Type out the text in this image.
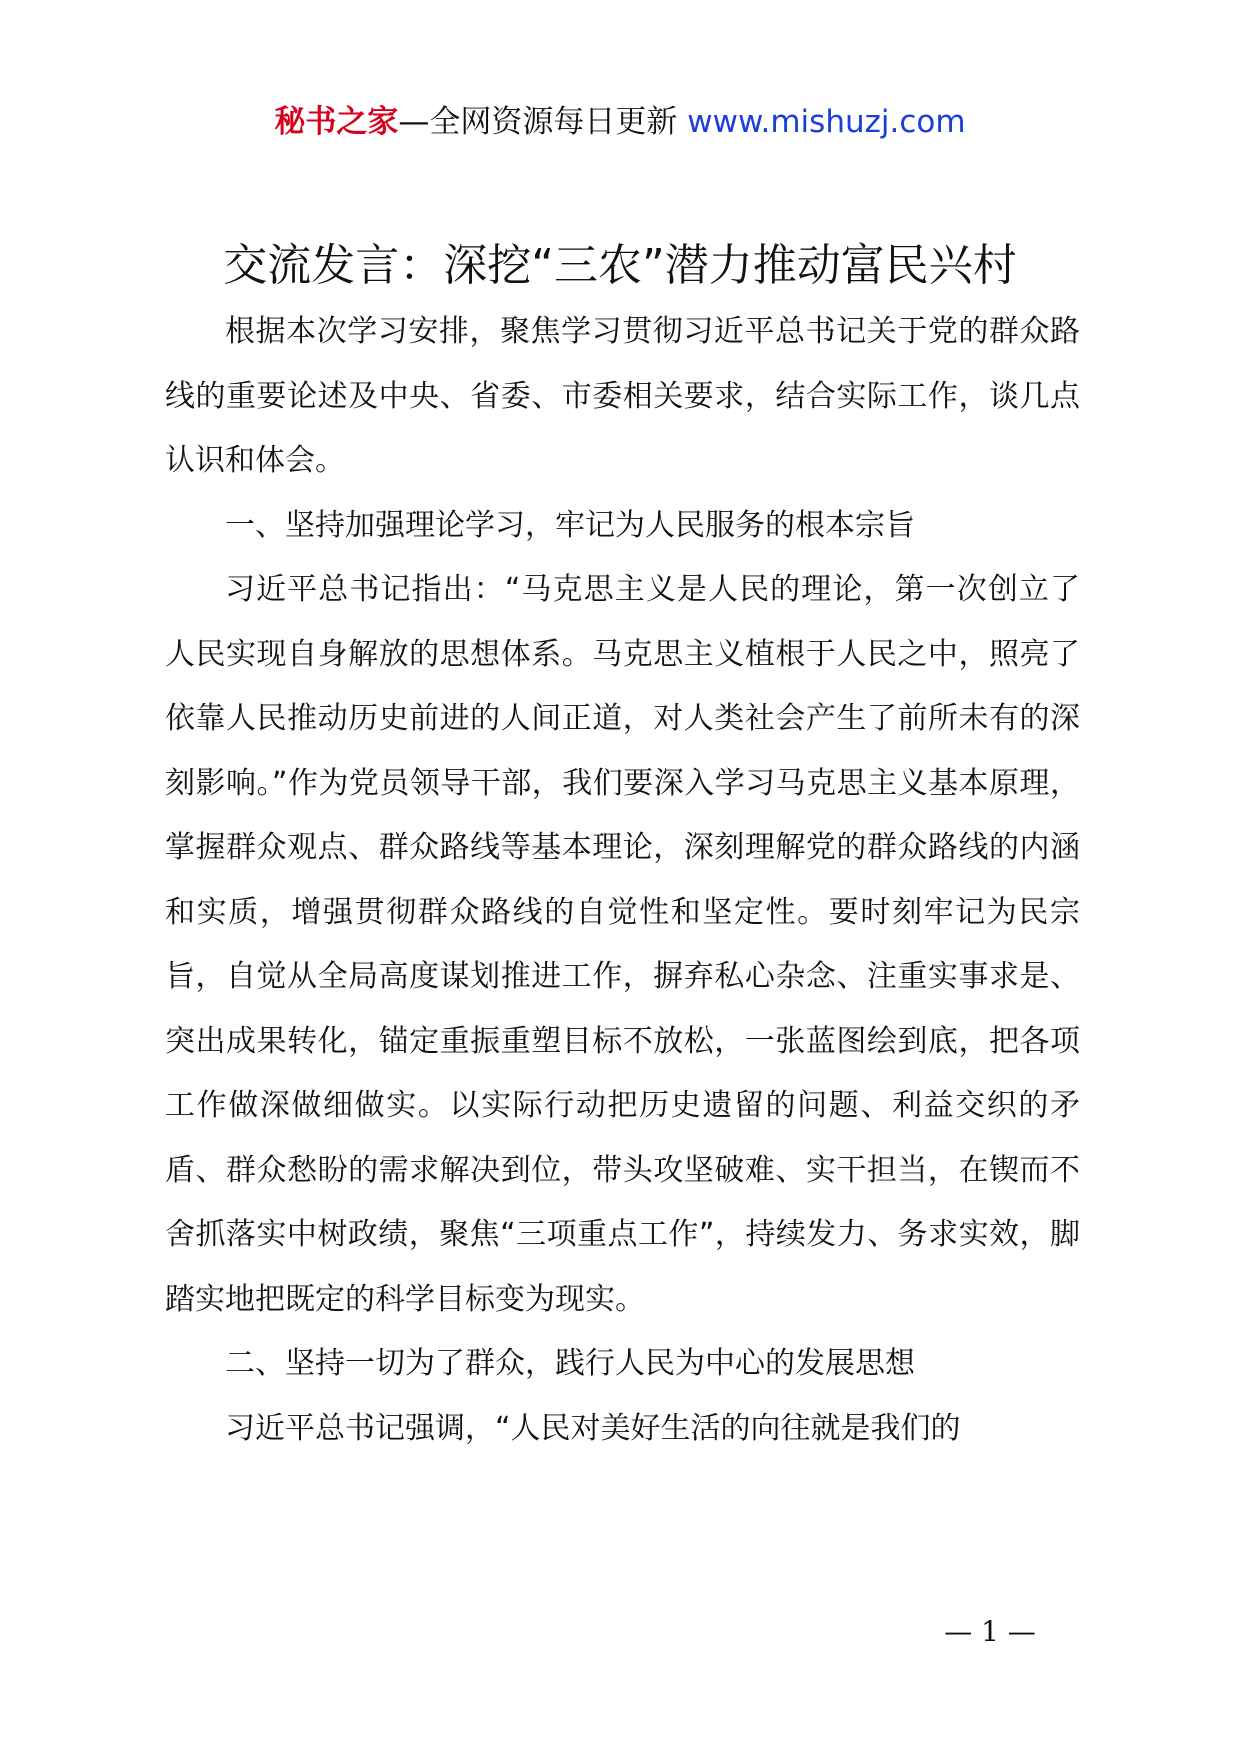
秘书之家—全网资源每日更新 www.mishuzj.com
交流发言：深挖“三农”潜力推动富民兴村

根据本次学习安排，聚焦学习贯彻习近平总书记关于党的群众路线的重要论述及中央、省委、市委相关要求，结合实际工作，谈几点认识和体会。

一、坚持加强理论学习，牢记为人民服务的根本宗旨

习近平总书记指出：“马克思主义是人民的理论，第一次创立了人民实现自身解放的思想体系。马克思主义植根于人民之中，照亮了依靠人民推动历史前进的人间正道，对人类社会产生了前所未有的深刻影响。”作为党员领导干部，我们要深入学习马克思主义基本原理，掌握群众观点、群众路线等基本理论，深刻理解党的群众路线的内涵和实质，增强贯彻群众路线的自觉性和坚定性。要时刻牢记为民宗旨，自觉从全局高度谋划推进工作，摒弃私心杂念、注重实事求是、突出成果转化，锚定重振重塑目标不放松，一张蓝图绘到底，把各项工作做深做细做实。以实际行动把历史遗留的问题、利益交织的矛盾、群众愁盼的需求解决到位，带头攻坚破难、实干担当，在锲而不舍抓落实中树政绩，聚焦“三项重点工作”，持续发力、务求实效，脚踏实地把既定的科学目标变为现实。

二、坚持一切为了群众，践行人民为中心的发展思想

习近平总书记强调，“人民对美好生活的向往就是我们的

— 1 —
